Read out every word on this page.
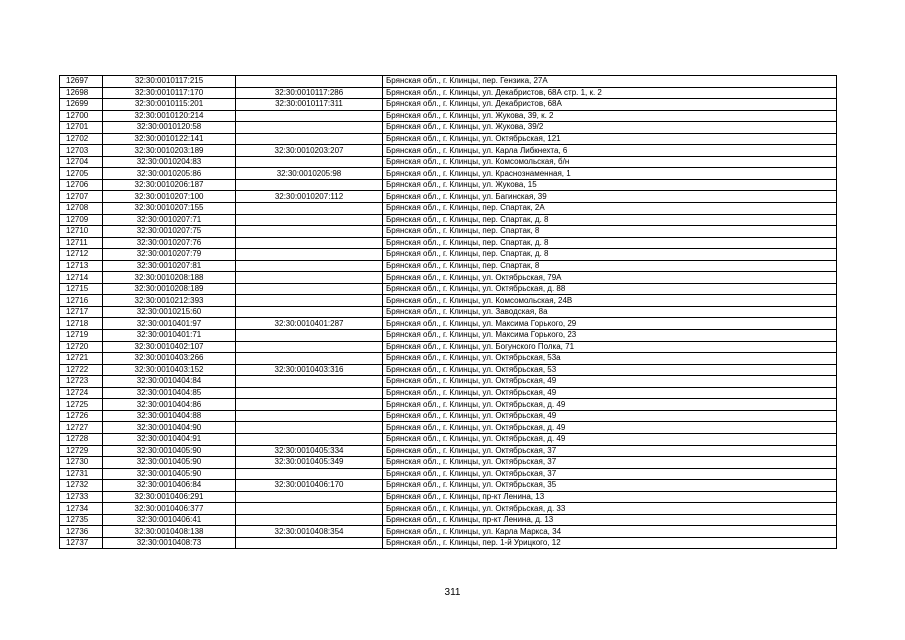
12697	32:30:0010117:215		Брянская обл., г. Клинцы, пер. Гензика, 27А
12698	32:30:0010117:170	32:30:0010117:286	Брянская обл., г. Клинцы, ул. Декабристов, 68А стр. 1, к. 2
12699	32:30:0010115:201	32:30:0010117:311	Брянская обл., г. Клинцы, ул. Декабристов, 68А
12700	32:30:0010120:214		Брянская обл., г. Клинцы, ул. Жукова, 39, к. 2
12701	32:30:0010120:58		Брянская обл., г. Клинцы, ул. Жукова, 39/2
12702	32:30:0010122:141		Брянская обл., г. Клинцы, ул. Октябрьская, 121
12703	32:30:0010203:189	32:30:0010203:207	Брянская обл., г. Клинцы, ул. Карла Либкнехта, 6
12704	32:30:0010204:83		Брянская обл., г. Клинцы, ул. Комсомольская, б/н
12705	32:30:0010205:86	32:30:0010205:98	Брянская обл., г. Клинцы, ул. Краснознаменная, 1
12706	32:30:0010206:187		Брянская обл., г. Клинцы, ул. Жукова, 15
12707	32:30:0010207:100	32:30:0010207:112	Брянская обл., г. Клинцы, ул. Багинская, 39
12708	32:30:0010207:155		Брянская обл., г. Клинцы, пер. Спартак, 2А
12709	32:30:0010207:71		Брянская обл., г. Клинцы, пер. Спартак, д. 8
12710	32:30:0010207:75		Брянская обл., г. Клинцы, пер. Спартак, 8
12711	32:30:0010207:76		Брянская обл., г. Клинцы, пер. Спартак, д. 8
12712	32:30:0010207:79		Брянская обл., г. Клинцы, пер. Спартак, д. 8
12713	32:30:0010207:81		Брянская обл., г. Клинцы, пер. Спартак, 8
12714	32:30:0010208:188		Брянская обл., г. Клинцы, ул. Октябрьская, 79А
12715	32:30:0010208:189		Брянская обл., г. Клинцы, ул. Октябрьская, д. 88
12716	32:30:0010212:393		Брянская обл., г. Клинцы, ул. Комсомольская, 24В
12717	32:30:0010215:60		Брянская обл., г. Клинцы, ул. Заводская, 8а
12718	32:30:0010401:97	32:30:0010401:287	Брянская обл., г. Клинцы, ул. Максима Горького, 29
12719	32:30:0010401:71		Брянская обл., г. Клинцы, ул. Максима Горького, 23
12720	32:30:0010402:107		Брянская обл., г. Клинцы, ул. Богунского Полка, 71
12721	32:30:0010403:266		Брянская обл., г. Клинцы, ул. Октябрьская, 53а
12722	32:30:0010403:152	32:30:0010403:316	Брянская обл., г. Клинцы, ул. Октябрьская, 53
12723	32:30:0010404:84		Брянская обл., г. Клинцы, ул. Октябрьская, 49
12724	32:30:0010404:85		Брянская обл., г. Клинцы, ул. Октябрьская, 49
12725	32:30:0010404:86		Брянская обл., г. Клинцы, ул. Октябрьская, д. 49
12726	32:30:0010404:88		Брянская обл., г. Клинцы, ул. Октябрьская, 49
12727	32:30:0010404:90		Брянская обл., г. Клинцы, ул. Октябрьская, д. 49
12728	32:30:0010404:91		Брянская обл., г. Клинцы, ул. Октябрьская, д. 49
12729	32:30:0010405:90	32:30:0010405:334	Брянская обл., г. Клинцы, ул. Октябрьская, 37
12730	32:30:0010405:90	32:30:0010405:349	Брянская обл., г. Клинцы, ул. Октябрьская, 37
12731	32:30:0010405:90		Брянская обл., г. Клинцы, ул. Октябрьская, 37
12732	32:30:0010406:84	32:30:0010406:170	Брянская обл., г. Клинцы, ул. Октябрьская, 35
12733	32:30:0010406:291		Брянская обл., г. Клинцы, пр-кт Ленина, 13
12734	32:30:0010406:377		Брянская обл., г. Клинцы, ул. Октябрьская, д. 33
12735	32:30:0010406:41		Брянская обл., г. Клинцы, пр-кт Ленина, д. 13
12736	32:30:0010408:138	32:30:0010408:354	Брянская обл., г. Клинцы, ул. Карла Маркса, 34
12737	32:30:0010408:73		Брянская обл., г. Клинцы, пер. 1-й Урицкого, 12
311
